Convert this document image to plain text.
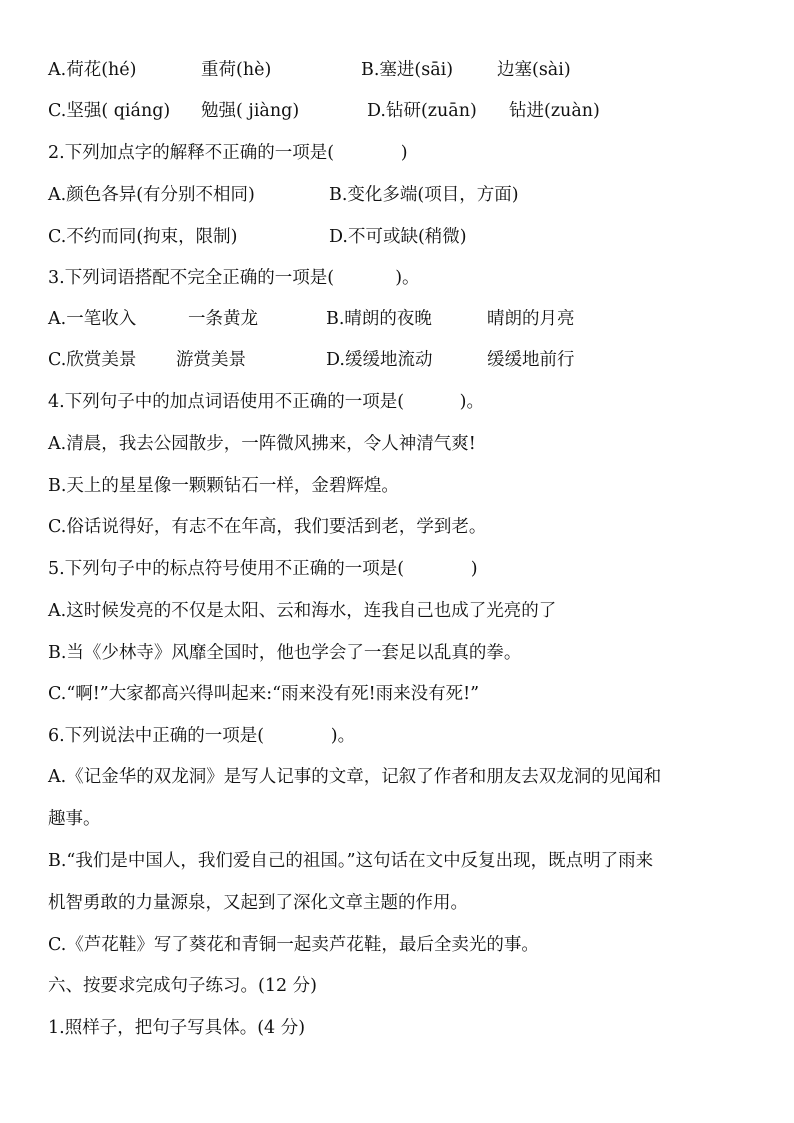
A.荷花(hé)	重荷(hè)	B.塞进(sāi)	边塞(sài)
C.坚强( qiáng) 勉强( jiàng)	D.钻研(zuān) 钻进(zuàn)
2.下列加点字的解释不正确的一项是(            )
A.颜色各异(有分别不相同)	B.变化多端(项目，方面)
C.不约而同(拘束，限制)	D.不可或缺(稍微)
3.下列词语搭配不完全正确的一项是(           )。
A.一笔收入	一条黄龙	B.晴朗的夜晚	晴朗的月亮
C.欣赏美景 游赏美景	D.缓缓地流动	缓缓地前行
4.下列句子中的加点词语使用不正确的一项是(          )。
A.清晨，我去公园散步，一阵微风拂来，令人神清气爽!
B.天上的星星像一颗颗钻石一样，金碧辉煌。
C.俗话说得好，有志不在年高，我们要活到老，学到老。
5.下列句子中的标点符号使用不正确的一项是(            )
A.这时候发亮的不仅是太阳、云和海水，连我自己也成了光亮的了
B.当《少林寺》风靡全国时，他也学会了一套足以乱真的拳。
C.“啊!”大家都高兴得叫起来:“雨来没有死!雨来没有死!”
6.下列说法中正确的一项是(            )。
A.《记金华的双龙洞》是写人记事的文章，记叙了作者和朋友去双龙洞的见闻和
趣事。
B.“我们是中国人，我们爱自己的祖国。”这句话在文中反复出现，既点明了雨来
机智勇敢的力量源泉，又起到了深化文章主题的作用。
C.《芦花鞋》写了葵花和青铜一起卖芦花鞋，最后全卖光的事。
六、按要求完成句子练习。(12 分)
1.照样子，把句子写具体。(4 分)
